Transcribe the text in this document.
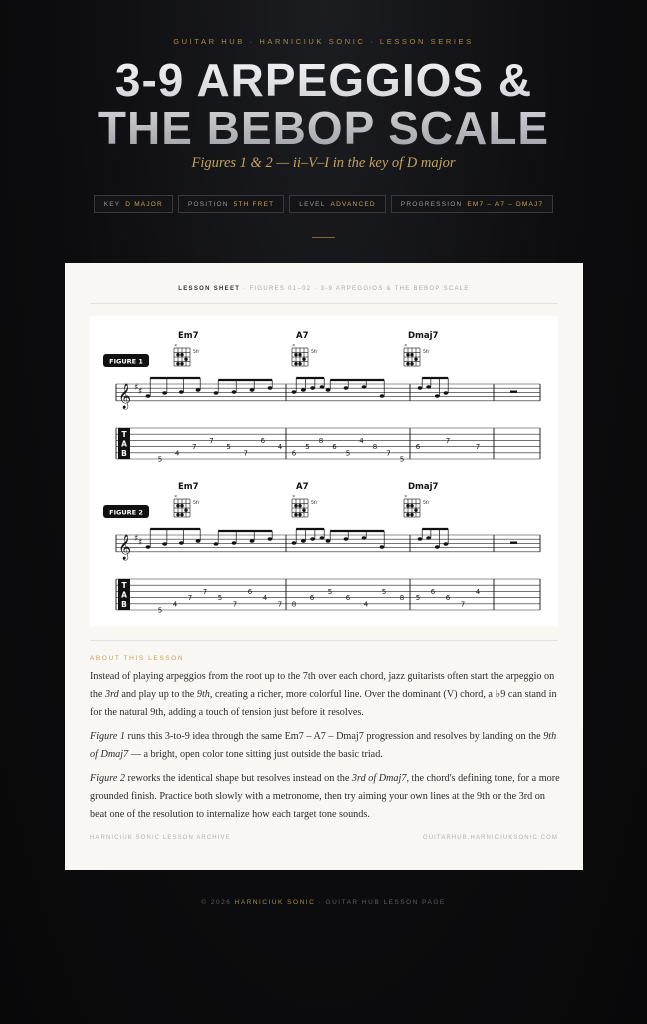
GUITAR HUB · HARNICIUK SONIC · LESSON SERIES
3-9 ARPEGGIOS &
THE BEBOP SCALE
Figures 1 & 2 — ii–V–I in the key of D major
KEY D MAJOR	POSITION 5TH FRET	LEVEL ADVANCED	PROGRESSION EM7 – A7 – DMAJ7
LESSON SHEET · FIGURES 01–02 · 3-9 ARPEGGIOS & THE BEBOP SCALE
FIGURE 1
Em7
×
5fr
A7
×
5fr
Dmaj7
×
5fr
𝄞 ♯ ♯
T
A
B
5
4
7
7
5
7
6
4
6
5
8
6
5
4
8
7
5
6
7
7
FIGURE 2
Em7
×
5fr
A7
×
5fr
Dmaj7
×
5fr
𝄞 ♯ ♯
T
A
B
5
4
7
7
5
7
6
4
7 8
6
5
6
4
5
8 5
6
6
7
4
ABOUT THIS LESSON

Instead of playing arpeggios from the root up to the 7th over each chord, jazz guitarists often start the arpeggio on the 3rd and play up to the 9th, creating a richer, more colorful line. Over the dominant (V) chord, a ♭9 can stand in for the natural 9th, adding a touch of tension just before it resolves.

Figure 1 runs this 3-to-9 idea through the same Em7 – A7 – Dmaj7 progression and resolves by landing on the 9th of Dmaj7 — a bright, open color tone sitting just outside the basic triad.

Figure 2 reworks the identical shape but resolves instead on the 3rd of Dmaj7, the chord's defining tone, for a more grounded finish. Practice both slowly with a metronome, then try aiming your own lines at the 9th or the 3rd on beat one of the resolution to internalize how each target tone sounds.

HARNICIUK SONIC LESSON ARCHIVE	GUITARHUB.HARNICIUKSONIC.COM
© 2026 HARNICIUK SONIC · GUITAR HUB LESSON PAGE
